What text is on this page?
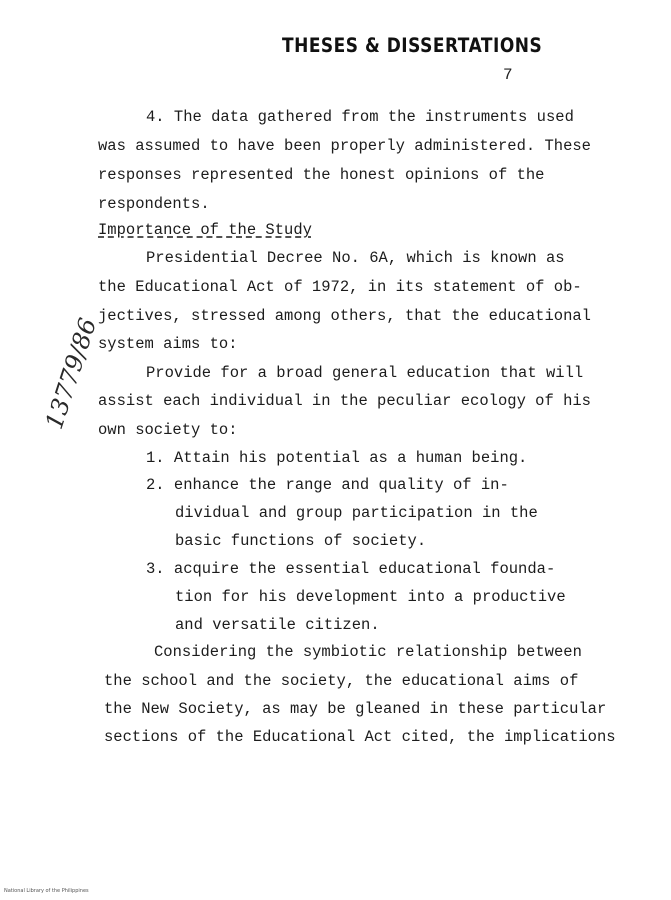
THESES & DISSERTATIONS
7
13779/86
4. The data gathered from the instruments used
was assumed to have been properly administered. These
responses represented the honest opinions of the
respondents.
Importance of the Study
Presidential Decree No. 6A, which is known as
the Educational Act of 1972, in its statement of ob-
jectives, stressed among others, that the educational
system aims to:
Provide for a broad general education that will
assist each individual in the peculiar ecology of his
own society to:
1. Attain his potential as a human being.
2. enhance the range and quality of in-
dividual and group participation in the
basic functions of society.
3. acquire the essential educational founda-
tion for his development into a productive
and versatile citizen.
Considering the symbiotic relationship between
the school and the society, the educational aims of
the New Society, as may be gleaned in these particular
sections of the Educational Act cited, the implications
National Library of the Philippines
